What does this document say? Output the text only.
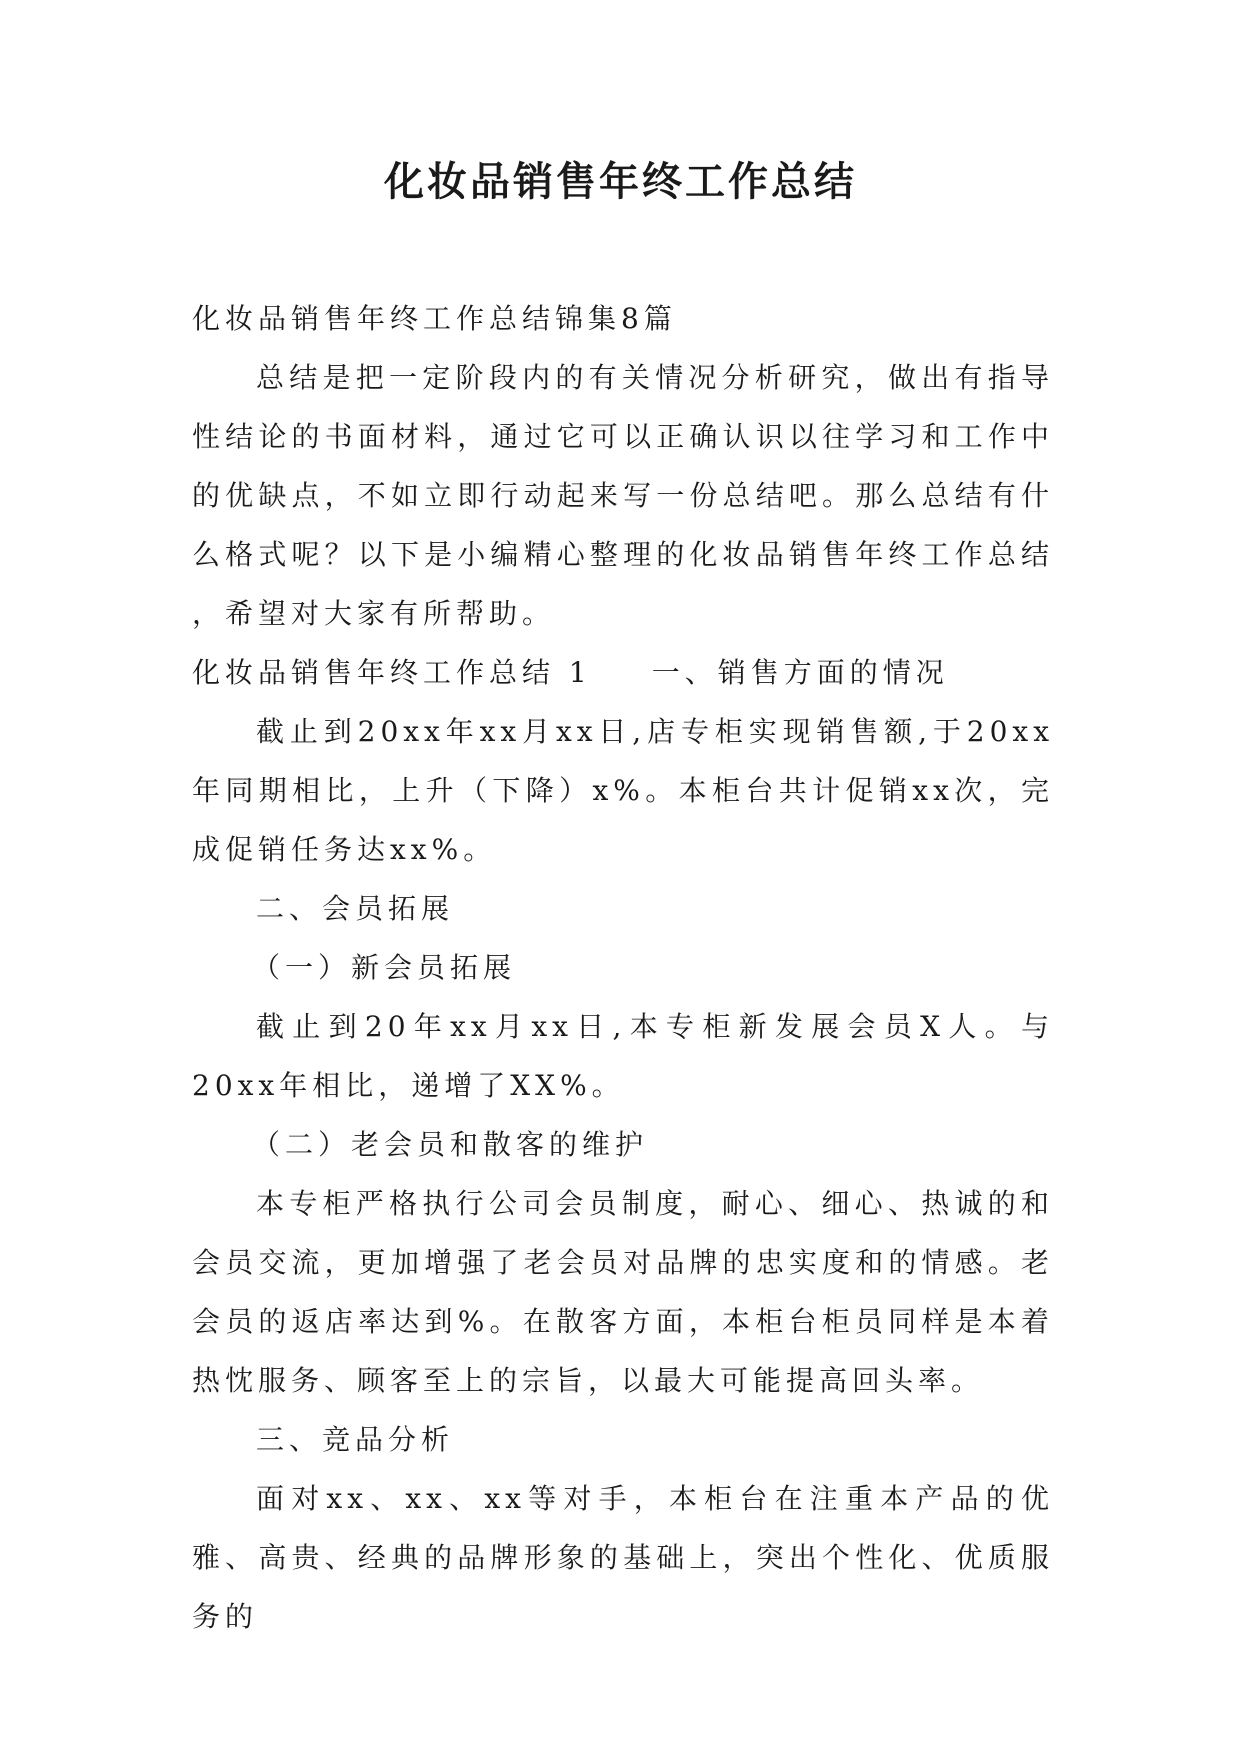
化妆品销售年终工作总结

化妆品销售年终工作总结锦集8篇

总结是把一定阶段内的有关情况分析研究，做出有指导性结论的书面材料，通过它可以正确认识以往学习和工作中的优缺点，不如立即行动起来写一份总结吧。那么总结有什么格式呢？以下是小编精心整理的化妆品销售年终工作总结 ，希望对大家有所帮助。

化妆品销售年终工作总结 1 一、销售方面的情况

截止到20xx年xx月xx日,店专柜实现销售额,于20xx年同期相比，上升（下降）x%。本柜台共计促销xx次，完成促销任务达xx%。

二、会员拓展

（一）新会员拓展

截止到20年xx月xx日,本专柜新发展会员X人。与20xx年相比，递增了XX%。

（二）老会员和散客的维护

本专柜严格执行公司会员制度，耐心、细心、热诚的和会员交流，更加增强了老会员对品牌的忠实度和的情感。老会员的返店率达到%。在散客方面，本柜台柜员同样是本着热忱服务、顾客至上的宗旨，以最大可能提高回头率。

三、竞品分析

面对xx、xx、xx等对手，本柜台在注重本产品的优雅、高贵、经典的品牌形象的基础上，突出个性化、优质服务的
